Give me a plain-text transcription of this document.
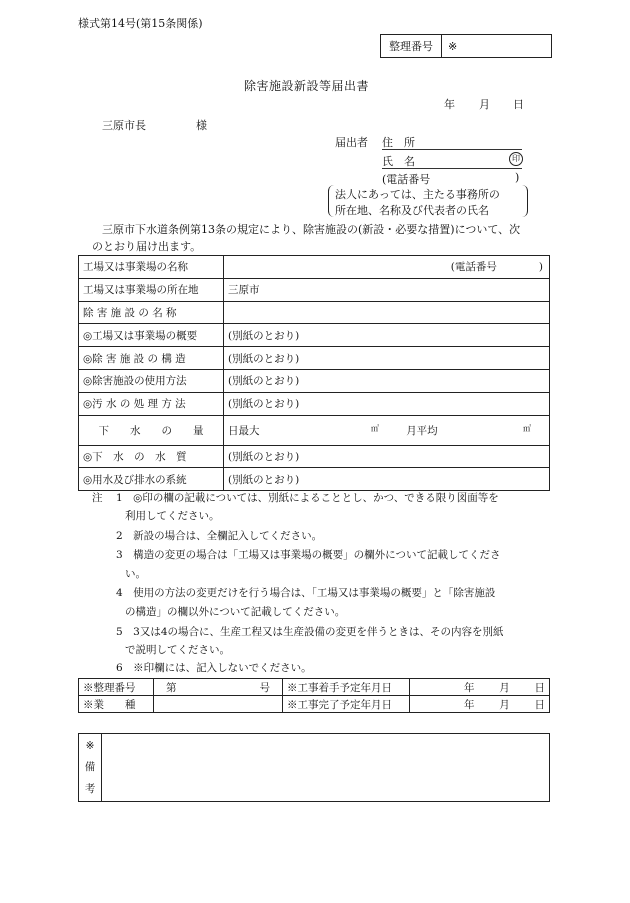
様式第14号(第15条関係)
整理番号	※
除害施設新設等届出書
年 月 日
三原市長	様
届出者 住　所
氏　名	印
(電話番号	)
法人にあっては、主たる事務所の
所在地、名称及び代表者の氏名
三原市下水道条例第13条の規定により、除害施設の(新設・必要な措置)について、次
のとおり届け出ます。
工場又は事業場の名称	(電話番号　　　　)
工場又は事業場の所在地	三原市
除 害 施 設 の 名 称	
◎工場又は事業場の概要	(別紙のとおり)
◎除 害 施 設 の 構 造	(別紙のとおり)
◎除害施設の使用方法	(別紙のとおり)
◎汚 水 の 処 理 方 法	(別紙のとおり)
下　　水　　の　　量	日最大 ㎥ 月平均 ㎥
◎下　水　の　水　質	(別紙のとおり)
◎用水及び排水の系統	(別紙のとおり)
注 1　◎印の欄の記載については、別紙によることとし、かつ、できる限り図面等を
利用してください。
2　新設の場合は、全欄記入してください。
3　構造の変更の場合は「工場又は事業場の概要」の欄外について記載してくださ
い。
4　使用の方法の変更だけを行う場合は、「工場又は事業場の概要」と「除害施設
の構造」の欄以外について記載してください。
5　3又は4の場合に、生産工程又は生産設備の変更を伴うときは、その内容を別紙
で説明してください。
6　※印欄には、記入しないでください。
※整理番号	第 号	※工事着手予定年月日	年 月 日

※業　　種		※工事完了予定年月日	年 月 日
※
備
考
